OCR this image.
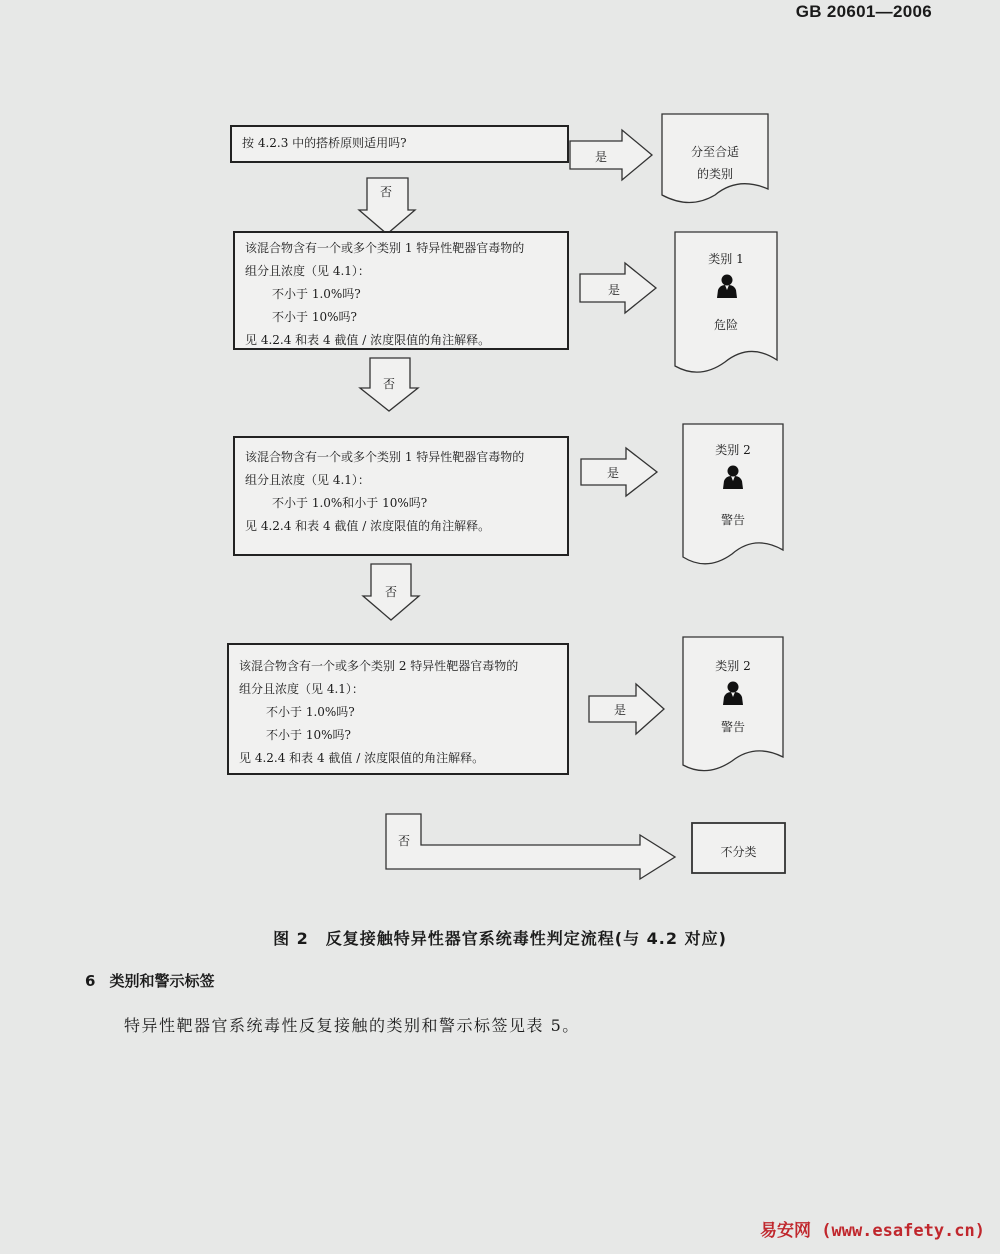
GB 20601—2006
按 4.2.3 中的搭桥原则适用吗?
该混合物含有一个或多个类别 1 特异性靶器官毒物的
组分且浓度（见 4.1）：
不小于 1.0%吗?
不小于 10%吗?
见 4.2.4 和表 4 截值 / 浓度限值的角注解释。
该混合物含有一个或多个类别 1 特异性靶器官毒物的
组分且浓度（见 4.1）：
不小于 1.0%和小于 10%吗?
见 4.2.4 和表 4 截值 / 浓度限值的角注解释。
该混合物含有一个或多个类别 2 特异性靶器官毒物的
组分且浓度（见 4.1）：
不小于 1.0%吗?
不小于 10%吗?
见 4.2.4 和表 4 截值 / 浓度限值的角注解释。
否
否
否
否
是
是
是
是
分至合适
的类别
类别 1
危险
类别 2
警告
类别 2
警告
不分类
图 2　反复接触特异性器官系统毒性判定流程(与 4.2 对应)
6 类别和警示标签
特异性靶器官系统毒性反复接触的类别和警示标签见表 5。
易安网 (www.esafety.cn)
